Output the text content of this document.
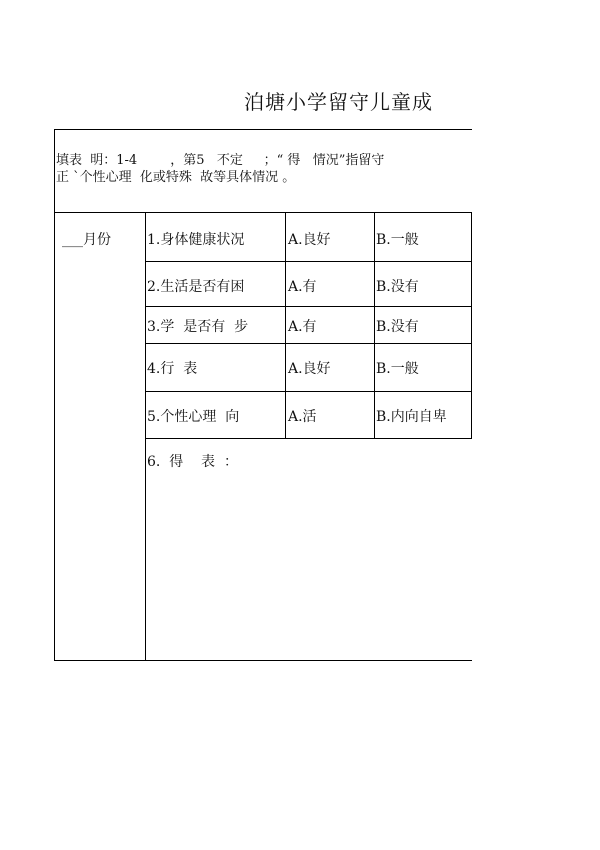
泊塘小学留守儿童成
填表  明：1-4        ，第5   不定     ；“ 得   情况”指留守
正 `个性心理  化或特殊  故等具体情况 。
___月份	1.身体健康状况	A.良好	B.一般
2.生活是否有困	A.有	B.没有
3.学  是否有  步	A.有	B.没有
4.行  表	A.良好	B.一般
5.个性心理  向	A.活	B.内向自卑
6.  得    表  ：
